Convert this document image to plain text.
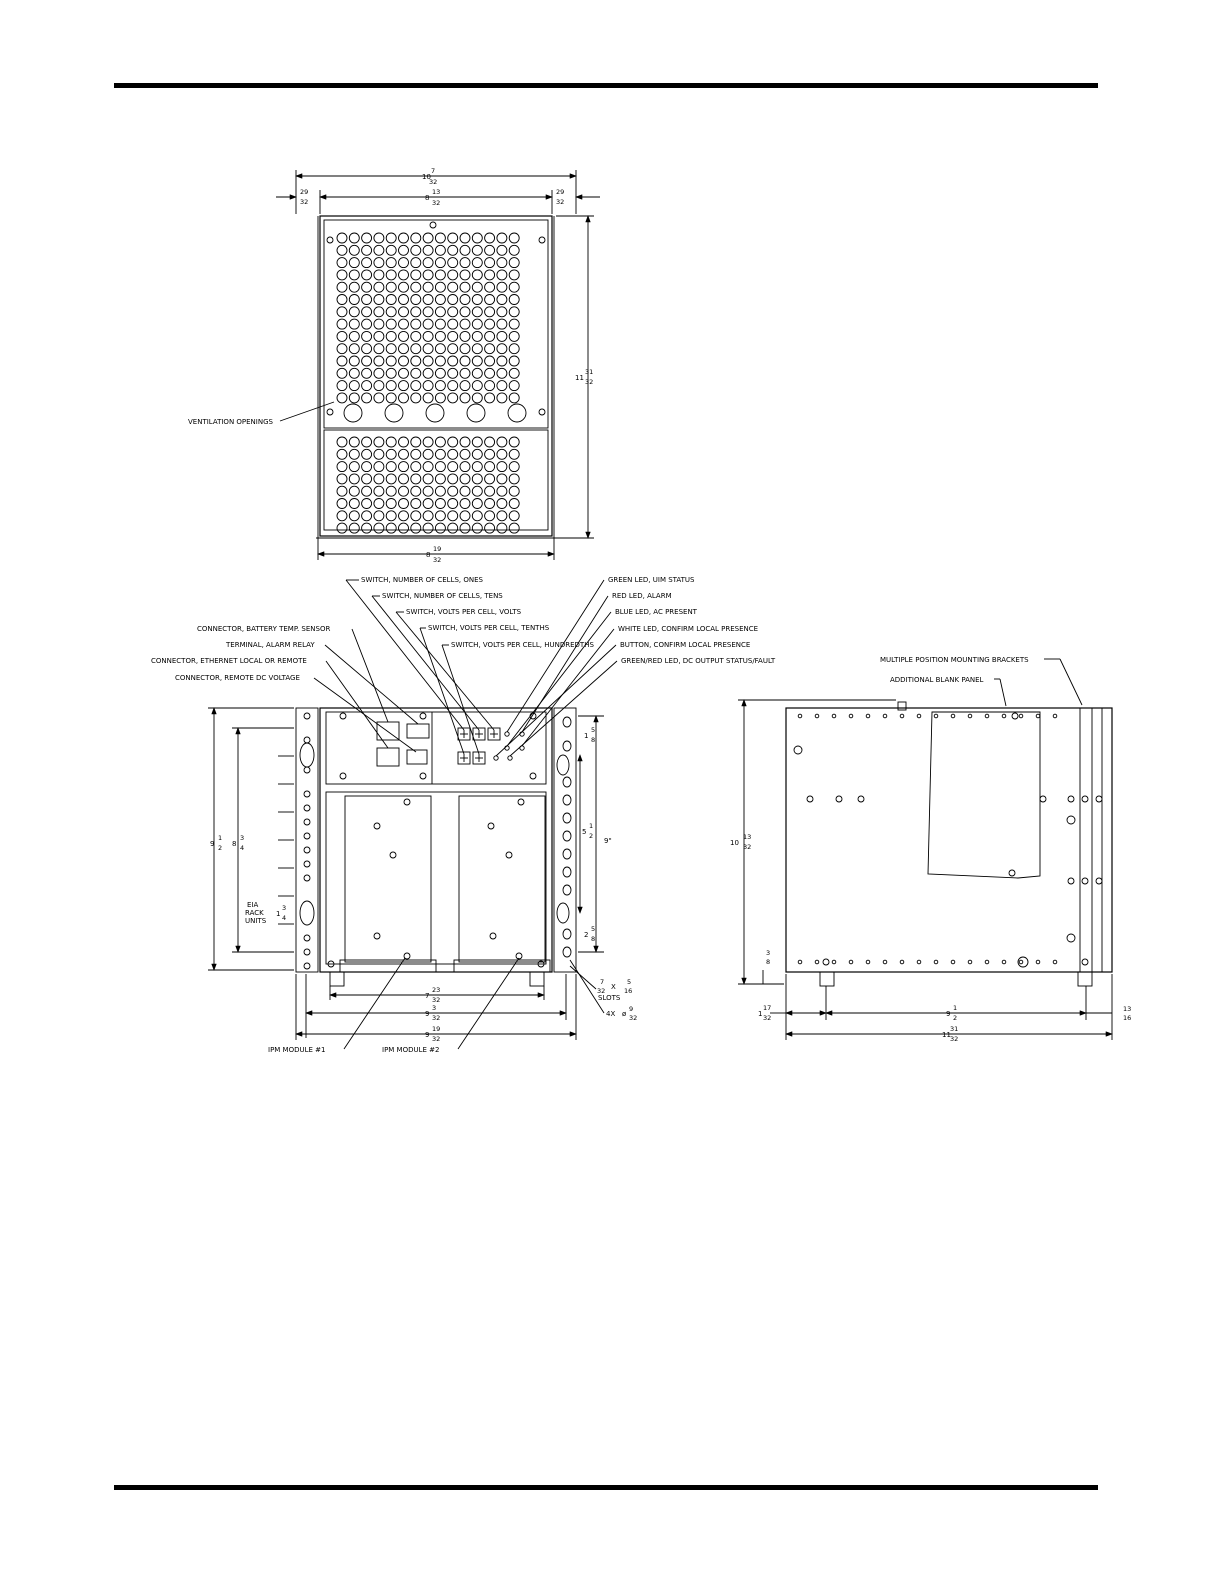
10
7
32
8
13
32
29
32
29
32
11
31
32
8
19
32
VENTILATION OPENINGS
SWITCH, NUMBER OF CELLS, ONES
SWITCH, NUMBER OF CELLS, TENS
SWITCH, VOLTS PER CELL, VOLTS
SWITCH, VOLTS PER CELL, TENTHS
SWITCH, VOLTS PER CELL, HUNDREDTHS
CONNECTOR, BATTERY TEMP. SENSOR
TERMINAL, ALARM RELAY
CONNECTOR, ETHERNET LOCAL OR REMOTE
CONNECTOR, REMOTE DC VOLTAGE
GREEN LED, UIM STATUS
RED LED, ALARM
BLUE LED, AC PRESENT
WHITE LED, CONFIRM LOCAL PRESENCE
BUTTON, CONFIRM LOCAL PRESENCE
GREEN/RED LED, DC OUTPUT STATUS/FAULT
IPM MODULE #1	IPM MODULE #2
9
1
2 8
3
4
EIA
RACK
UNITS
1
3
4
9"
5
1
2
1
5
8
2
5
8
7
32 X
5
16
SLOTS
4X ø
9
32
7
23
32
9
3
32
9
19
32
MULTIPLE POSITION MOUNTING BRACKETS
ADDITIONAL BLANK PANEL
10
13
32
3
8
1
17
32	9
1
2
13
16
11
31
32
